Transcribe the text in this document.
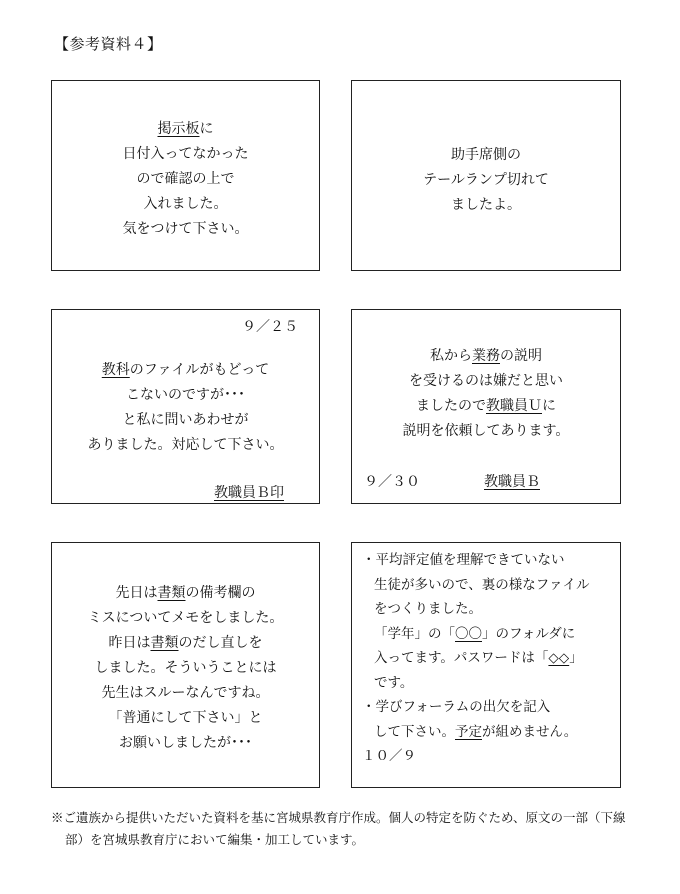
【参考資料４】
掲示板に
日付入ってなかった
ので確認の上で
入れました。
気をつけて下さい。
助手席側の
テールランプ切れて
ましたよ。
９／２５
教科のファイルがもどって
こないのですが･･･
と私に問いあわせが
ありました。対応して下さい。
教職員Ｂ印
私から業務の説明
を受けるのは嫌だと思い
ましたので教職員Ｕに
説明を依頼してあります。
９／３０	教職員Ｂ
先日は書類の備考欄の
ミスについてメモをしました。
昨日は書類のだし直しを
しました。そういうことには
先生はスルーなんですね。
「普通にして下さい」と
お願いしましたが･･･
・平均評定値を理解できていない
生徒が多いので、裏の様なファイル
をつくりました。
「学年」の「〇〇」のフォルダに
入ってます。パスワードは「◇◇」
です。
・学びフォーラムの出欠を記入
して下さい。予定が組めません。
１０／９
※ご遺族から提供いただいた資料を基に宮城県教育庁作成。個人の特定を防ぐため、原文の一部（下線
部）を宮城県教育庁において編集・加工しています。
